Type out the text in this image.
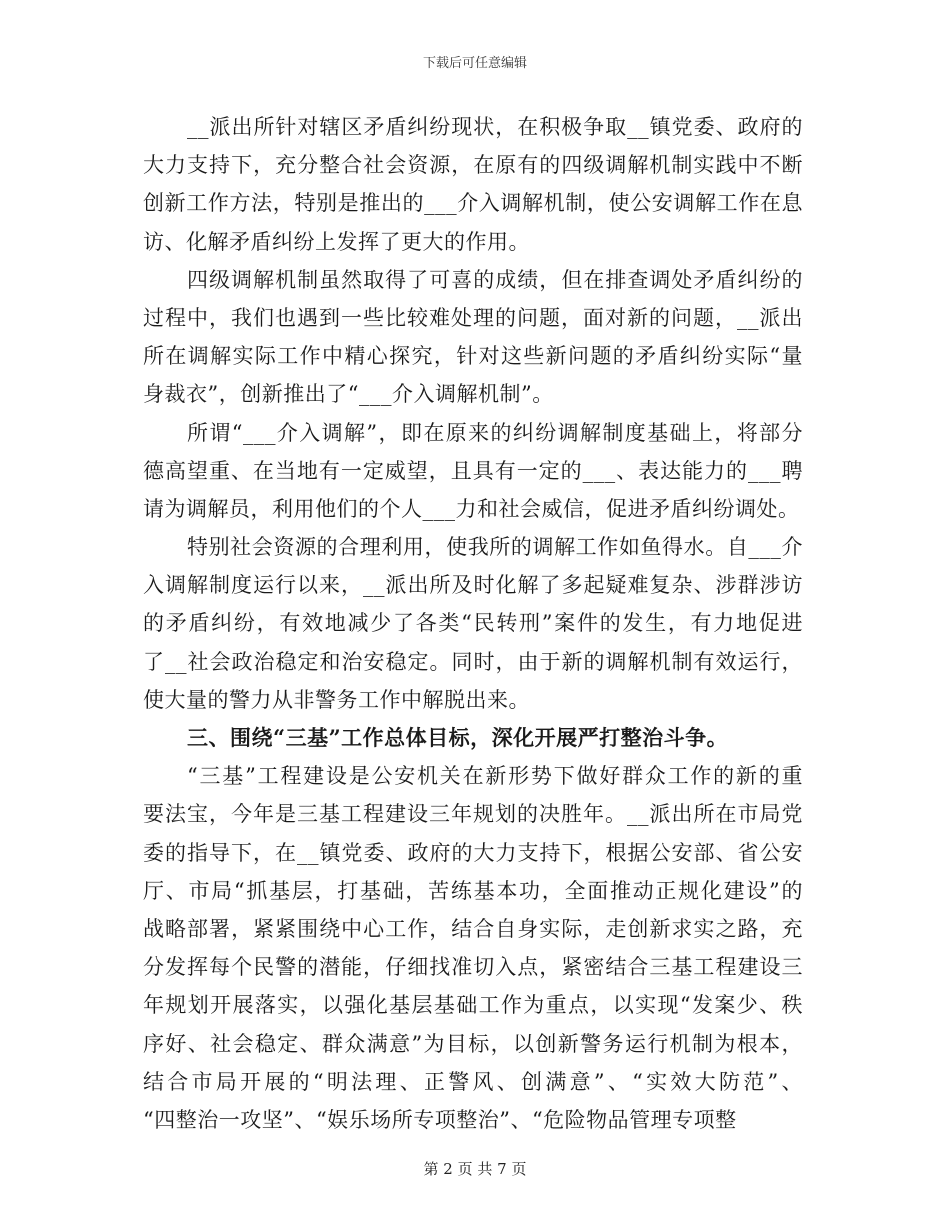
下载后可任意编辑
__派出所针对辖区矛盾纠纷现状，在积极争取__镇党委、政府的
大力支持下，充分整合社会资源，在原有的四级调解机制实践中不断
创新工作方法，特别是推出的___介入调解机制，使公安调解工作在息
访、化解矛盾纠纷上发挥了更大的作用。
四级调解机制虽然取得了可喜的成绩，但在排查调处矛盾纠纷的
过程中，我们也遇到一些比较难处理的问题，面对新的问题，__派出
所在调解实际工作中精心探究，针对这些新问题的矛盾纠纷实际“量
身裁衣”，创新推出了“___介入调解机制”。
所谓“___介入调解”，即在原来的纠纷调解制度基础上，将部分
德高望重、在当地有一定威望，且具有一定的___、表达能力的___聘
请为调解员，利用他们的个人___力和社会威信，促进矛盾纠纷调处。
特别社会资源的合理利用，使我所的调解工作如鱼得水。自___介
入调解制度运行以来，__派出所及时化解了多起疑难复杂、涉群涉访
的矛盾纠纷，有效地减少了各类“民转刑”案件的发生，有力地促进
了__社会政治稳定和治安稳定。同时，由于新的调解机制有效运行，
使大量的警力从非警务工作中解脱出来。
三、围绕“三基”工作总体目标，深化开展严打整治斗争。
“三基”工程建设是公安机关在新形势下做好群众工作的新的重
要法宝，今年是三基工程建设三年规划的决胜年。__派出所在市局党
委的指导下，在__镇党委、政府的大力支持下，根据公安部、省公安
厅、市局“抓基层，打基础，苦练基本功，全面推动正规化建设”的
战略部署，紧紧围绕中心工作，结合自身实际，走创新求实之路，充
分发挥每个民警的潜能，仔细找准切入点，紧密结合三基工程建设三
年规划开展落实，以强化基层基础工作为重点，以实现“发案少、秩
序好、社会稳定、群众满意”为目标，以创新警务运行机制为根本，
结合市局开展的“明法理、正警风、创满意”、“实效大防范”、
“四整治一攻坚”、“娱乐场所专项整治”、“危险物品管理专项整
第 2 页 共 7 页
